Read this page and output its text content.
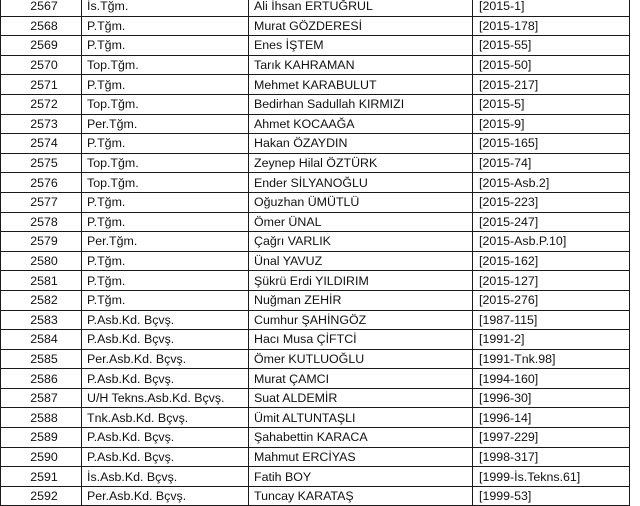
2567	İs.Tğm.	Ali İhsan ERTUĞRUL	[2015-1]
2568	P.Tğm.	Murat GÖZDERESİ	[2015-178]
2569	P.Tğm.	Enes İŞTEM	[2015-55]
2570	Top.Tğm.	Tarık KAHRAMAN	[2015-50]
2571	P.Tğm.	Mehmet KARABULUT	[2015-217]
2572	Top.Tğm.	Bedirhan Sadullah KIRMIZI	[2015-5]
2573	Per.Tğm.	Ahmet KOCAAĞA	[2015-9]
2574	P.Tğm.	Hakan ÖZAYDIN	[2015-165]
2575	Top.Tğm.	Zeynep Hilal ÖZTÜRK	[2015-74]
2576	Top.Tğm.	Ender SİLYANOĞLU	[2015-Asb.2]
2577	P.Tğm.	Oğuzhan ÜMÜTLÜ	[2015-223]
2578	P.Tğm.	Ömer ÜNAL	[2015-247]
2579	Per.Tğm.	Çağrı VARLIK	[2015-Asb.P.10]
2580	P.Tğm.	Ünal YAVUZ	[2015-162]
2581	P.Tğm.	Şükrü Erdi YILDIRIM	[2015-127]
2582	P.Tğm.	Nuğman ZEHİR	[2015-276]
2583	P.Asb.Kd. Bçvş.	Cumhur ŞAHİNGÖZ	[1987-115]
2584	P.Asb.Kd. Bçvş.	Hacı Musa ÇİFTCİ	[1991-2]
2585	Per.Asb.Kd. Bçvş.	Ömer KUTLUOĞLU	[1991-Tnk.98]
2586	P.Asb.Kd. Bçvş.	Murat ÇAMCI	[1994-160]
2587	U/H Tekns.Asb.Kd. Bçvş.	Suat ALDEMİR	[1996-30]
2588	Tnk.Asb.Kd. Bçvş.	Ümit ALTUNTAŞLI	[1996-14]
2589	P.Asb.Kd. Bçvş.	Şahabettin KARACA	[1997-229]
2590	P.Asb.Kd. Bçvş.	Mahmut ERCİYAS	[1998-317]
2591	İs.Asb.Kd. Bçvş.	Fatih BOY	[1999-İs.Tekns.61]
2592	Per.Asb.Kd. Bçvş.	Tuncay KARATAŞ	[1999-53]
